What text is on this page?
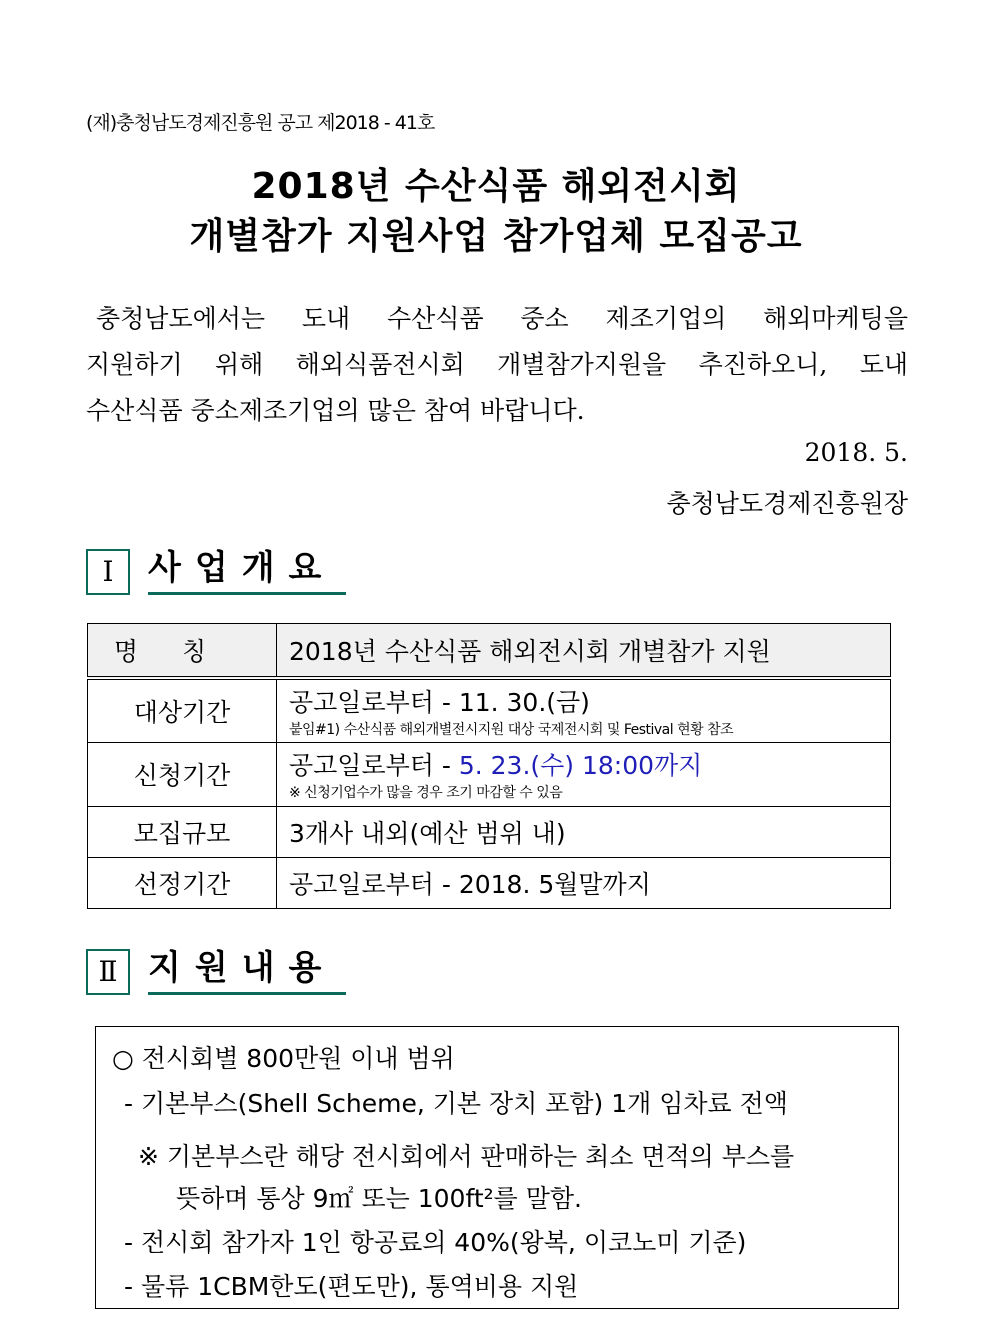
(재)충청남도경제진흥원 공고 제2018 - 41호
2018년 수산식품 해외전시회
개별참가 지원사업 참가업체 모집공고

충청남도에서는 도내 수산식품 중소 제조기업의 해외마케팅을

지원하기 위해 해외식품전시회 개별참가지원을 추진하오니, 도내

수산식품 중소제조기업의 많은 참여 바랍니다.

2018. 5.
충청남도경제진흥원장
Ⅰ	사업개요
명칭	2018년 수산식품 해외전시회 개별참가 지원
대상기간	공고일로부터 - 11. 30.(금)
붙임#1) 수산식품 해외개별전시지원 대상 국제전시회 및 Festival 현황 참조

신청기간	공고일로부터 - 5. 23.(수) 18:00까지
※ 신청기업수가 많을 경우 조기 마감할 수 있음

모집규모	3개사 내외(예산 범위 내)
선정기간	공고일로부터 - 2018. 5월말까지
Ⅱ 지원내용
○ 전시회별 800만원 이내 범위
- 기본부스(Shell Scheme, 기본 장치 포함) 1개 임차료 전액
※ 기본부스란 해당 전시회에서 판매하는 최소 면적의 부스를
뜻하며 통상 9㎡ 또는 100ft²를 말함.
- 전시회 참가자 1인 항공료의 40%(왕복, 이코노미 기준)
- 물류 1CBM한도(편도만), 통역비용 지원
